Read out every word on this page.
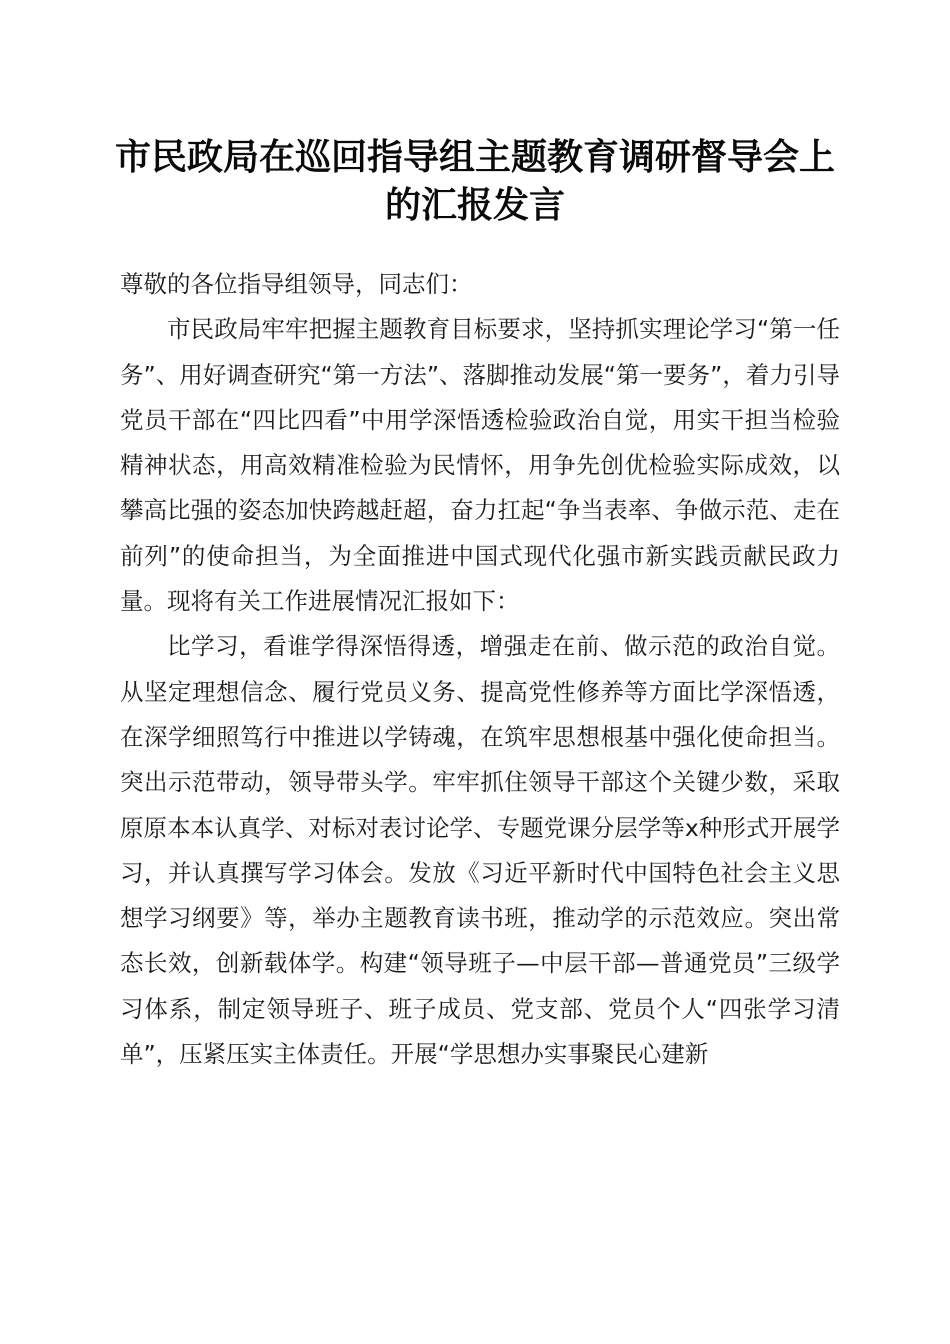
市民政局在巡回指导组主题教育调研督导会上
的汇报发言

尊敬的各位指导组领导，同志们：

市民政局牢牢把握主题教育目标要求，坚持抓实理论学习“第一任务”、用好调查研究“第一方法”、落脚推动发展“第一要务”，着力引导党员干部在“四比四看”中用学深悟透检验政治自觉，用实干担当检验精神状态，用高效精准检验为民情怀，用争先创优检验实际成效，以攀高比强的姿态加快跨越赶超，奋力扛起“争当表率、争做示范、走在前列”的使命担当，为全面推进中国式现代化强市新实践贡献民政力量。现将有关工作进展情况汇报如下：

比学习，看谁学得深悟得透，增强走在前、做示范的政治自觉。从坚定理想信念、履行党员义务、提高党性修养等方面比学深悟透，在深学细照笃行中推进以学铸魂，在筑牢思想根基中强化使命担当。突出示范带动，领导带头学。牢牢抓住领导干部这个关键少数，采取原原本本认真学、对标对表讨论学、专题党课分层学等x种形式开展学习，并认真撰写学习体会。发放《习近平新时代中国特色社会主义思想学习纲要》等，举办主题教育读书班，推动学的示范效应。突出常态长效，创新载体学。构建“领导班子—中层干部—普通党员”三级学习体系，制定领导班子、班子成员、党支部、党员个人“四张学习清单”，压紧压实主体责任。开展“学思想办实事聚民心建新
